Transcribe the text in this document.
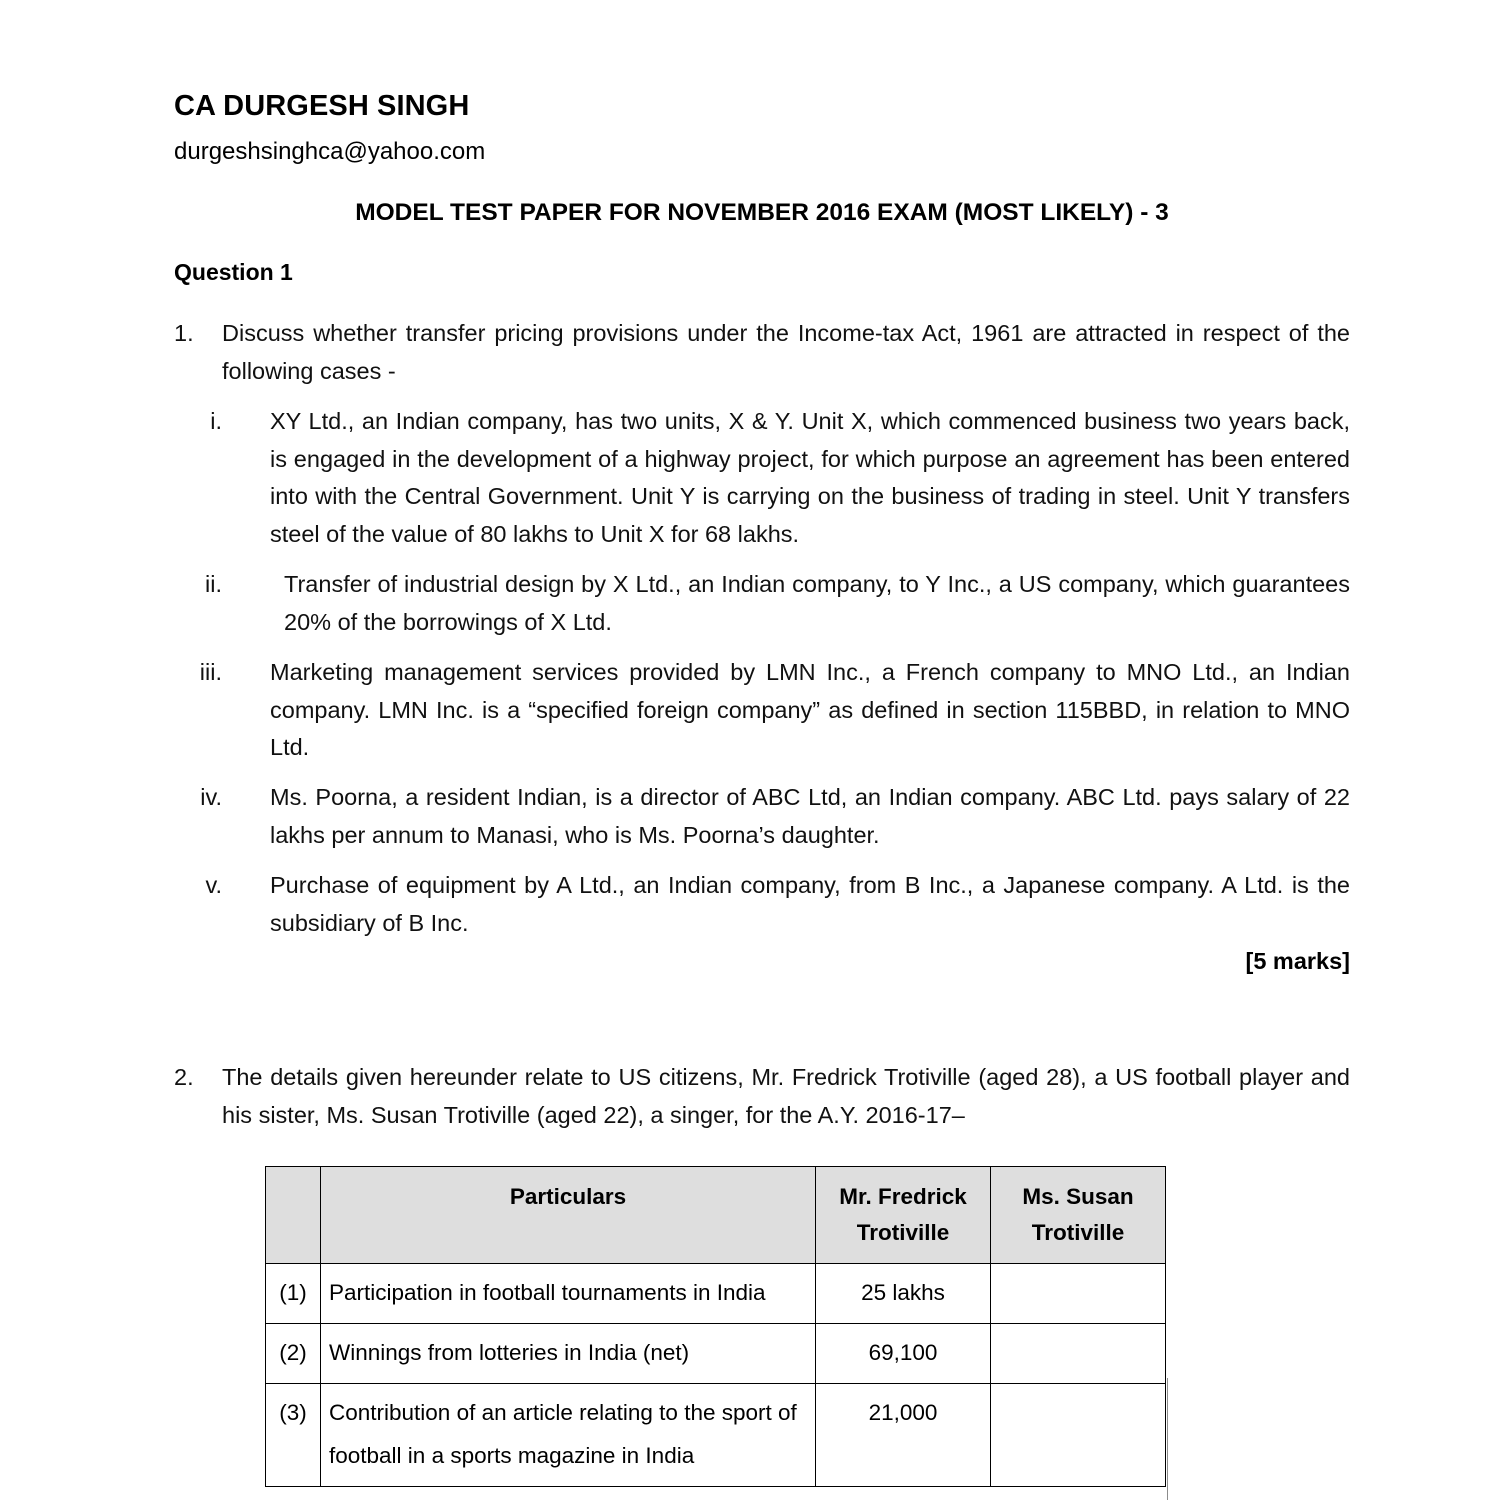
CA DURGESH SINGH
durgeshsinghca@yahoo.com
MODEL TEST PAPER FOR NOVEMBER 2016 EXAM (MOST LIKELY) - 3
Question 1
1.	Discuss whether transfer pricing provisions under the Income-tax Act, 1961 are attracted in respect of the following cases -
i. XY Ltd., an Indian company, has two units, X & Y. Unit X, which commenced business two years back, is engaged in the development of a highway project, for which purpose an agreement has been entered into with the Central Government. Unit Y is carrying on the business of trading in steel. Unit Y transfers steel of the value of 80 lakhs to Unit X for 68 lakhs.
ii.	Transfer of industrial design by X Ltd., an Indian company, to Y Inc., a US company, which guarantees 20% of the borrowings of X Ltd.
iii. Marketing management services provided by LMN Inc., a French company to MNO Ltd., an Indian company. LMN Inc. is a “specified foreign company” as defined in section 115BBD, in relation to MNO Ltd.
iv. Ms. Poorna, a resident Indian, is a director of ABC Ltd, an Indian company. ABC Ltd. pays salary of 22 lakhs per annum to Manasi, who is Ms. Poorna’s daughter.
v. Purchase of equipment by A Ltd., an Indian company, from B Inc., a Japanese company. A Ltd. is the subsidiary of B Inc.
[5 marks]
2.	The details given hereunder relate to US citizens, Mr. Fredrick Trotiville (aged 28), a US football player and his sister, Ms. Susan Trotiville (aged 22), a singer, for the A.Y. 2016-17–
	Particulars	Mr. Fredrick Trotiville	Ms. Susan Trotiville
(1)	Participation in football tournaments in India	25 lakhs	
(2)	Winnings from lotteries in India (net)	69,100	
(3)	Contribution of an article relating to the sport of football in a sports magazine in India	21,000	
